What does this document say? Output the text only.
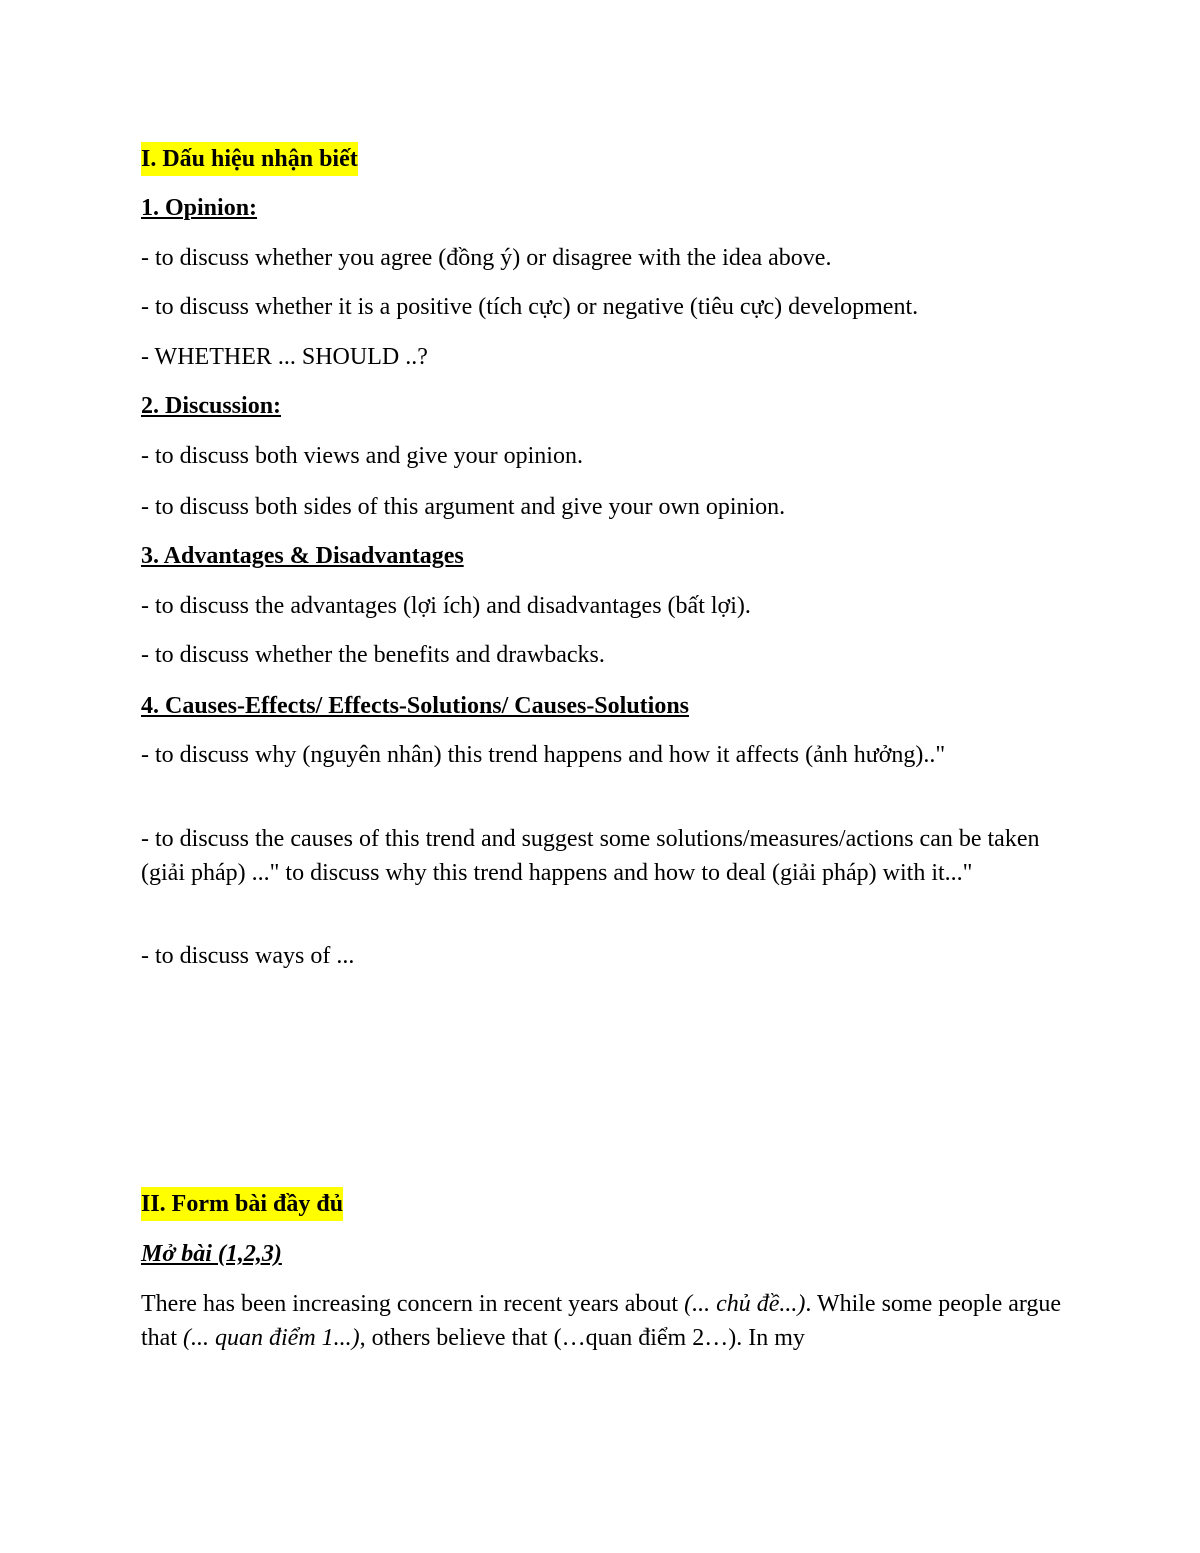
I. Dấu hiệu nhận biết
1. Opinion:
- to discuss whether you agree (đồng ý) or disagree with the idea above.
- to discuss whether it is a positive (tích cực) or negative (tiêu cực) development.
- WHETHER ... SHOULD ..?
2. Discussion:
- to discuss both views and give your opinion.
- to discuss both sides of this argument and give your own opinion.
3. Advantages & Disadvantages
- to discuss the advantages (lợi ích) and disadvantages (bất lợi).
- to discuss whether the benefits and drawbacks.
4. Causes-Effects/ Effects-Solutions/ Causes-Solutions
- to discuss why (nguyên nhân) this trend happens and how it affects (ảnh hưởng).."
- to discuss the causes of this trend and suggest some solutions/measures/actions can be taken (giải pháp) ..." to discuss why this trend happens and how to deal (giải pháp) with it..."
- to discuss ways of ...
II. Form bài đầy đủ
Mở bài (1,2,3)
There has been increasing concern in recent years about (... chủ đề...). While some people argue that (... quan điểm 1...), others believe that (…quan điểm 2…). In my
